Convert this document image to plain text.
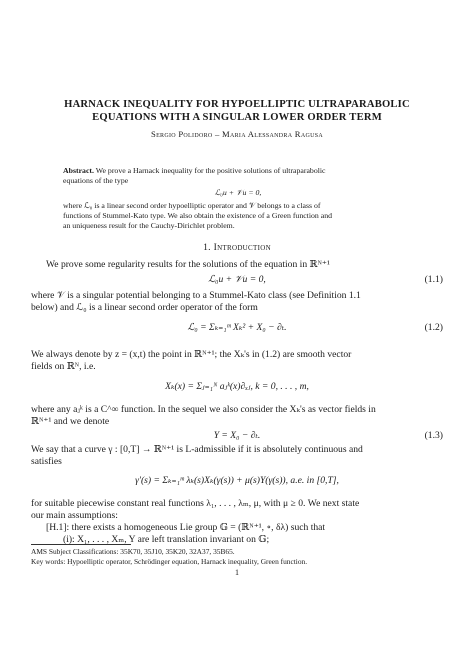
HARNACK INEQUALITY FOR HYPOELLIPTIC ULTRAPARABOLIC
EQUATIONS WITH A SINGULAR LOWER ORDER TERM
Sergio Polidoro – Maria Alessandra Ragusa
Abstract. We prove a Harnack inequality for the positive solutions of ultraparabolic
equations of the type
ℒ₀u + 𝒱u = 0,
where ℒ₀ is a linear second order hypoelliptic operator and 𝒱 belongs to a class of
functions of Stummel-Kato type. We also obtain the existence of a Green function and
an uniqueness result for the Cauchy-Dirichlet problem.
1. Introduction
We prove some regularity results for the solutions of the equation in ℝᴺ⁺¹
ℒ₀u + 𝒱u = 0,	(1.1)
where 𝒱 is a singular potential belonging to a Stummel-Kato class (see Definition 1.1
below) and ℒ₀ is a linear second order operator of the form
ℒ₀ = Σₖ₌₁ᵐ Xₖ² + X₀ − ∂ₜ.	(1.2)
We always denote by z = (x,t) the point in ℝᴺ⁺¹; the Xₖ's in (1.2) are smooth vector
fields on ℝᴺ, i.e.
Xₖ(x) = Σⱼ₌₁ᴺ aⱼᵏ(x)∂ₓⱼ, k = 0, . . . , m,
where any aⱼᵏ is a C^∞ function. In the sequel we also consider the Xₖ's as vector fields in
ℝᴺ⁺¹ and we denote
Y = X₀ − ∂ₜ.	(1.3)
We say that a curve γ : [0,T] → ℝᴺ⁺¹ is L-admissible if it is absolutely continuous and
satisfies
γ′(s) = Σₖ₌₁ᵐ λₖ(s)Xₖ(γ(s)) + μ(s)Y(γ(s)), a.e. in [0,T],
for suitable piecewise constant real functions λ₁, . . . , λₘ, μ, with μ ≥ 0. We next state
our main assumptions:
[H.1]: there exists a homogeneous Lie group 𝔾 = (ℝᴺ⁺¹, ∘, δλ) such that
(i): X₁, . . . , Xₘ, Y are left translation invariant on 𝔾;
AMS Subject Classifications: 35K70, 35J10, 35K20, 32A37, 35B65.
Key words: Hypoelliptic operator, Schrödinger equation, Harnack inequality, Green function.
1
